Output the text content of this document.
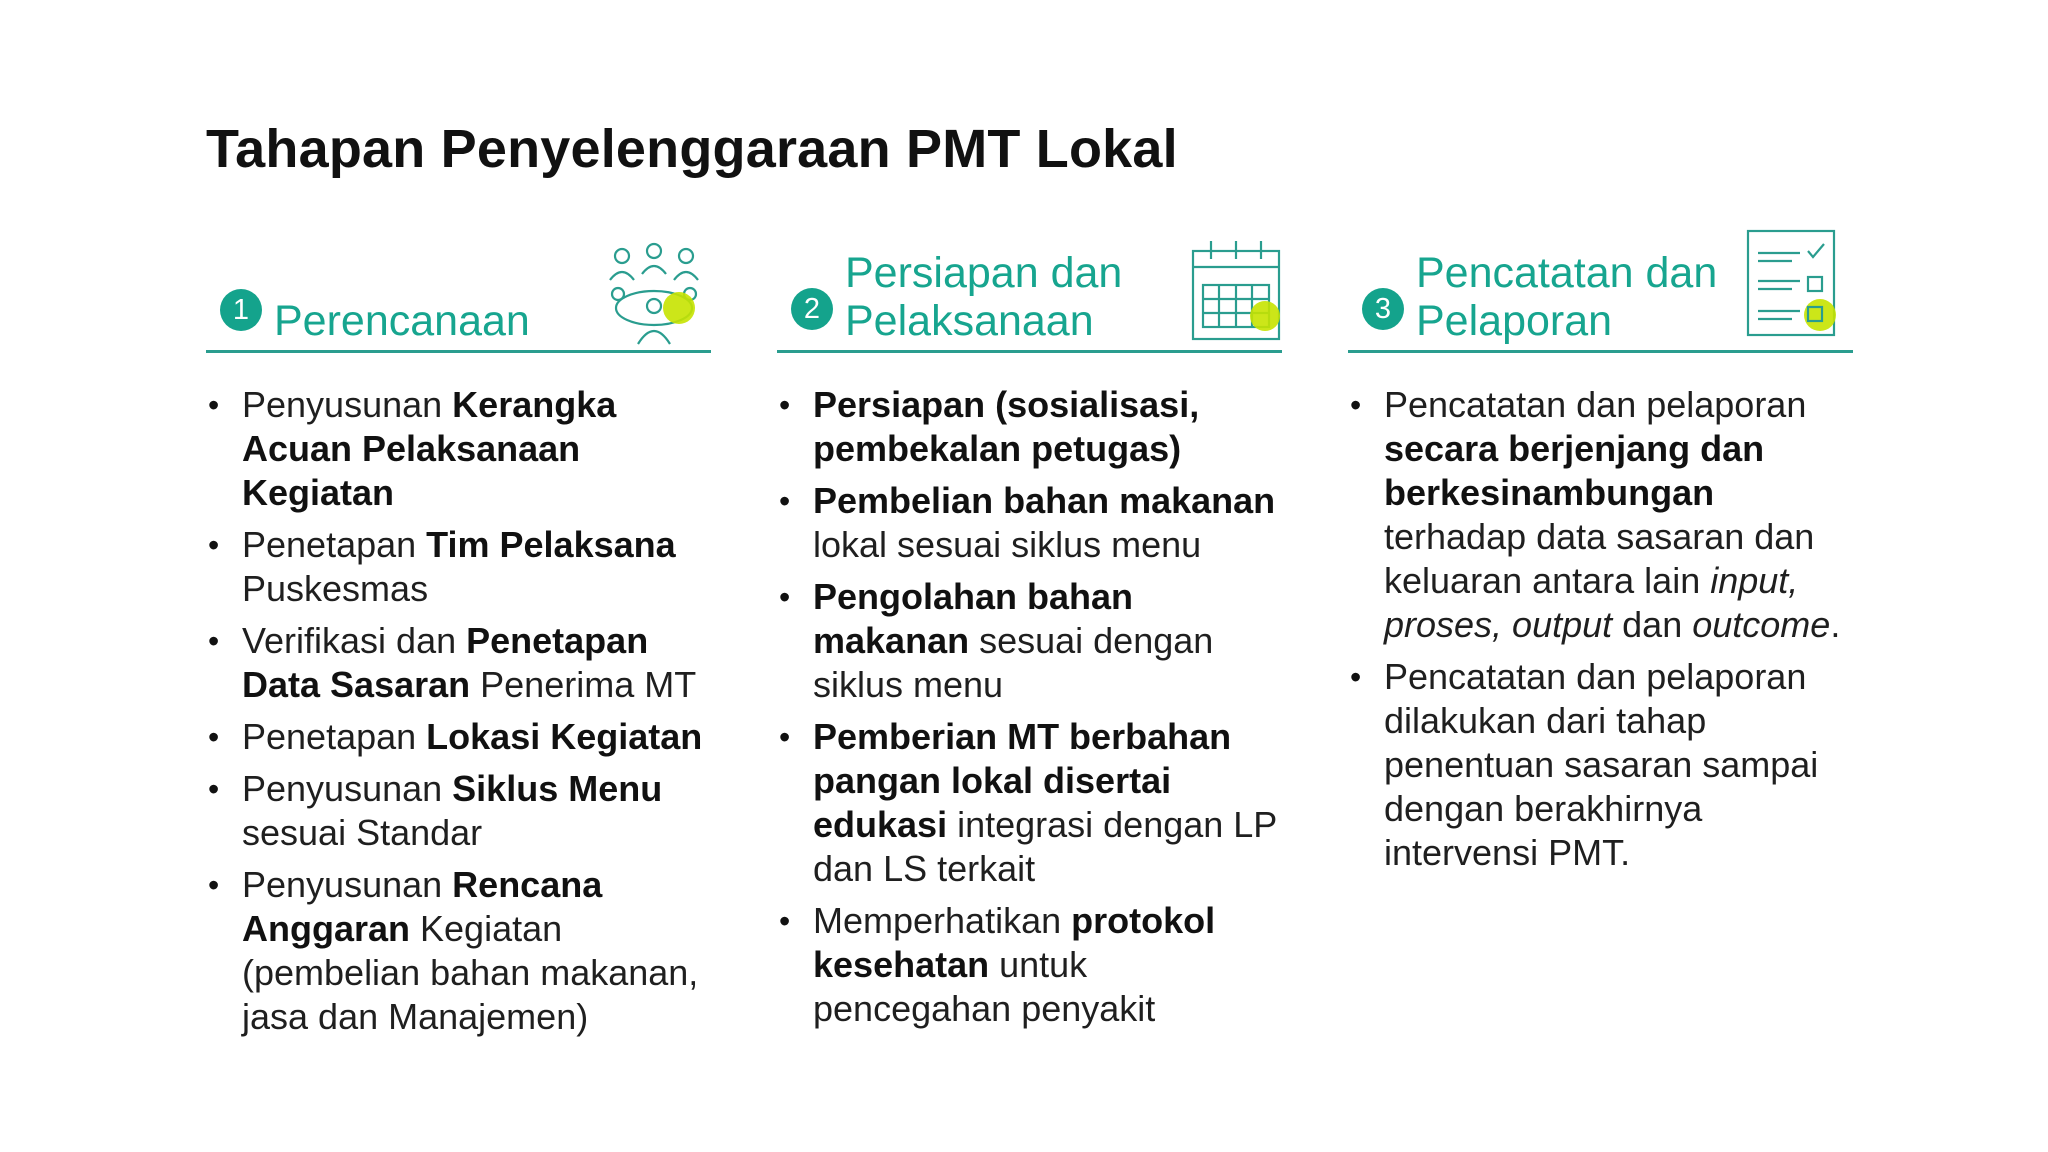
Tahapan Penyelenggaraan PMT Lokal
1 Perencanaan
• Penyusunan Kerangka Acuan Pelaksanaan Kegiatan
• Penetapan Tim Pelaksana Puskesmas
• Verifikasi dan Penetapan Data Sasaran Penerima MT
• Penetapan Lokasi Kegiatan
• Penyusunan Siklus Menu sesuai Standar
• Penyusunan Rencana Anggaran Kegiatan (pembelian bahan makanan, jasa dan Manajemen)
2
Persiapan dan Pelaksanaan
• Persiapan (sosialisasi, pembekalan petugas)
• Pembelian bahan makanan lokal sesuai siklus menu
• Pengolahan bahan makanan sesuai dengan siklus menu
• Pemberian MT berbahan pangan lokal disertai edukasi integrasi dengan LP dan LS terkait
• Memperhatikan protokol kesehatan untuk pencegahan penyakit
3
Pencatatan dan Pelaporan
• Pencatatan dan pelaporan secara berjenjang dan berkesinambungan terhadap data sasaran dan keluaran antara lain input, proses, output dan outcome.
• Pencatatan dan pelaporan dilakukan dari tahap penentuan sasaran sampai dengan berakhirnya intervensi PMT.
